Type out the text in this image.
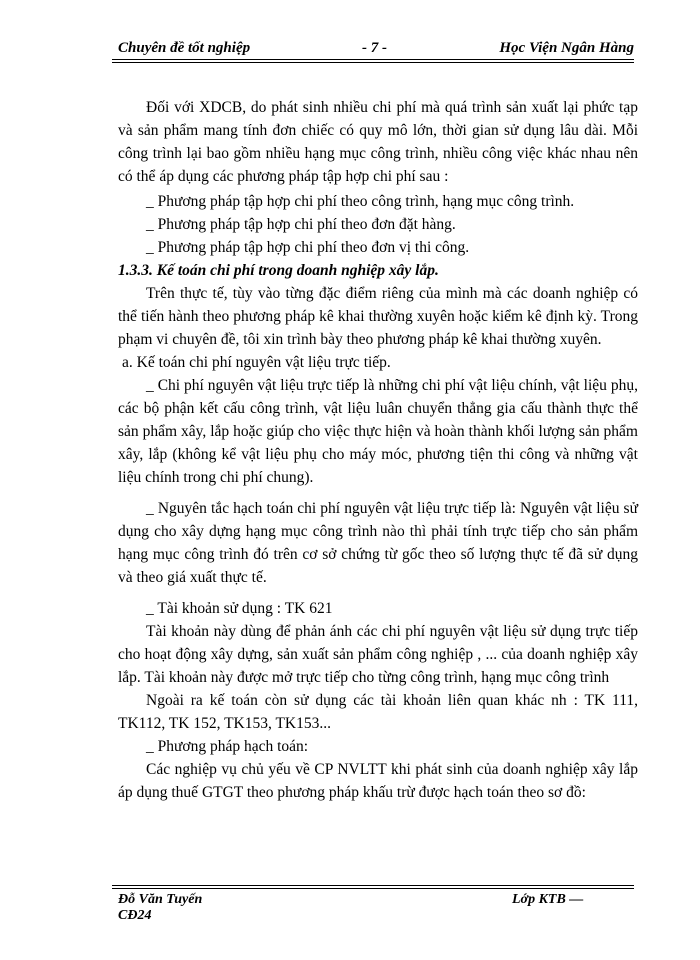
Chuyên đề tốt nghiệp	- 7 -	Học Viện Ngân Hàng

Đối với XDCB, do phát sinh nhiều chi phí mà quá trình sản xuất lại phức tạp và sản phẩm mang tính đơn chiếc có quy mô lớn, thời gian sử dụng lâu dài. Mỗi công trình lại bao gồm nhiều hạng mục công trình, nhiều công việc khác nhau nên có thể áp dụng các phương pháp tập hợp chi phí sau :

_ Phương pháp tập hợp chi phí theo công trình, hạng mục công trình.

_ Phương pháp tập hợp chi phí theo đơn đặt hàng.

_ Phương pháp tập hợp chi phí theo đơn vị thi công.

1.3.3. Kế toán chi phí trong doanh nghiệp xây lắp.

Trên thực tế, tùy vào từng đặc điểm riêng của mình mà các doanh nghiệp có thể tiến hành theo phương pháp kê khai thường xuyên hoặc kiểm kê định kỳ. Trong phạm vi chuyên đề, tôi xin trình bày theo phương pháp kê khai thường xuyên.

a. Kế toán chi phí nguyên vật liệu trực tiếp.

_ Chi phí nguyên vật liệu trực tiếp là những chi phí vật liệu chính, vật liệu phụ, các bộ phận kết cấu công trình, vật liệu luân chuyển thẳng gia cấu thành thực thể sản phẩm xây, lắp hoặc giúp cho việc thực hiện và hoàn thành khối lượng sản phẩm xây, lắp (không kể vật liệu phụ cho máy móc, phương tiện thi công và những vật liệu chính trong chi phí chung).

_ Nguyên tắc hạch toán chi phí nguyên vật liệu trực tiếp là: Nguyên vật liệu sử dụng cho xây dựng hạng mục công trình nào thì phải tính trực tiếp cho sản phẩm hạng mục công trình đó trên cơ sở chứng từ gốc theo số lượng thực tế đã sử dụng và theo giá xuất thực tế.

_ Tài khoản sử dụng : TK 621

Tài khoản này dùng để phản ánh các chi phí nguyên vật liệu sử dụng trực tiếp cho hoạt động xây dựng, sản xuất sản phẩm công nghiệp , ... của doanh nghiệp xây lắp. Tài khoản này được mở trực tiếp cho từng công trình, hạng mục công trình

Ngoài ra kế toán còn sử dụng các tài khoản liên quan khác nh : TK 111, TK112, TK 152, TK153, TK153...

_ Phương pháp hạch toán:

Các nghiệp vụ chủ yếu về CP NVLTT khi phát sinh của doanh nghiệp xây lắp áp dụng thuế GTGT theo phương pháp khấu trừ được hạch toán theo sơ đồ:

Đỗ Văn Tuyến
CĐ24
Lớp KTB —
